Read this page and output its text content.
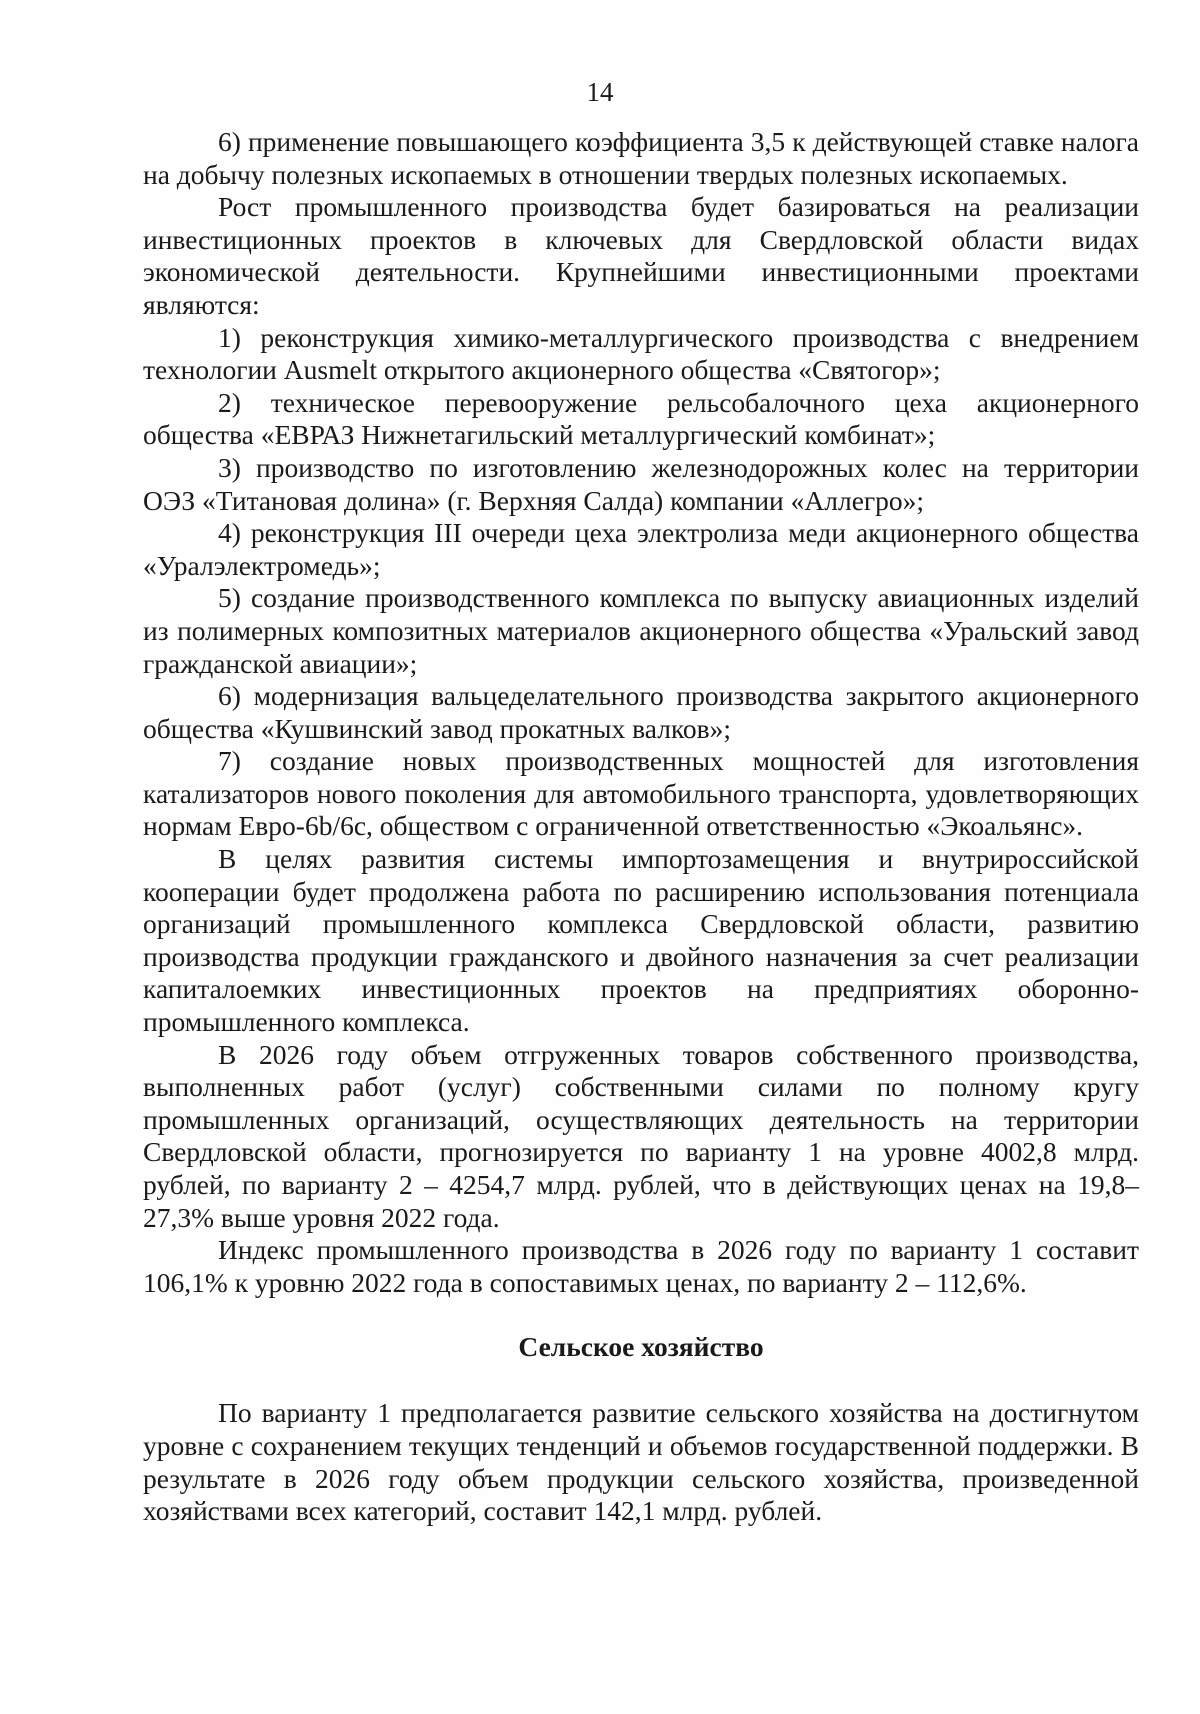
14

6) применение повышающего коэффициента 3,5 к действующей ставке налога на добычу полезных ископаемых в отношении твердых полезных ископаемых.

Рост промышленного производства будет базироваться на реализации инвестиционных проектов в ключевых для Свердловской области видах экономической деятельности. Крупнейшими инвестиционными проектами являются:

1) реконструкция химико-металлургического производства с внедрением технологии Ausmelt открытого акционерного общества «Святогор»;

2) техническое перевооружение рельсобалочного цеха акционерного общества «ЕВРАЗ Нижнетагильский металлургический комбинат»;

3) производство по изготовлению железнодорожных колес на территории ОЭЗ «Титановая долина» (г. Верхняя Салда) компании «Аллегро»;

4) реконструкция III очереди цеха электролиза меди акционерного общества «Уралэлектромедь»;

5) создание производственного комплекса по выпуску авиационных изделий из полимерных композитных материалов акционерного общества «Уральский завод гражданской авиации»;

6) модернизация вальцеделательного производства закрытого акционерного общества «Кушвинский завод прокатных валков»;

7) создание новых производственных мощностей для изготовления катализаторов нового поколения для автомобильного транспорта, удовлетворяющих нормам Евро-6b/6c, обществом с ограниченной ответственностью «Экоальянс».

В целях развития системы импортозамещения и внутрироссийской кооперации будет продолжена работа по расширению использования потенциала организаций промышленного комплекса Свердловской области, развитию производства продукции гражданского и двойного назначения за счет реализации капиталоемких инвестиционных проектов на предприятиях оборонно-промышленного комплекса.

В 2026 году объем отгруженных товаров собственного производства, выполненных работ (услуг) собственными силами по полному кругу промышленных организаций, осуществляющих деятельность на территории Свердловской области, прогнозируется по варианту 1 на уровне 4002,8 млрд. рублей, по варианту 2 – 4254,7 млрд. рублей, что в действующих ценах на 19,8–27,3% выше уровня 2022 года.

Индекс промышленного производства в 2026 году по варианту 1 составит 106,1% к уровню 2022 года в сопоставимых ценах, по варианту 2 – 112,6%.

Сельское хозяйство

По варианту 1 предполагается развитие сельского хозяйства на достигнутом уровне с сохранением текущих тенденций и объемов государственной поддержки. В результате в 2026 году объем продукции сельского хозяйства, произведенной хозяйствами всех категорий, составит 142,1 млрд. рублей.
